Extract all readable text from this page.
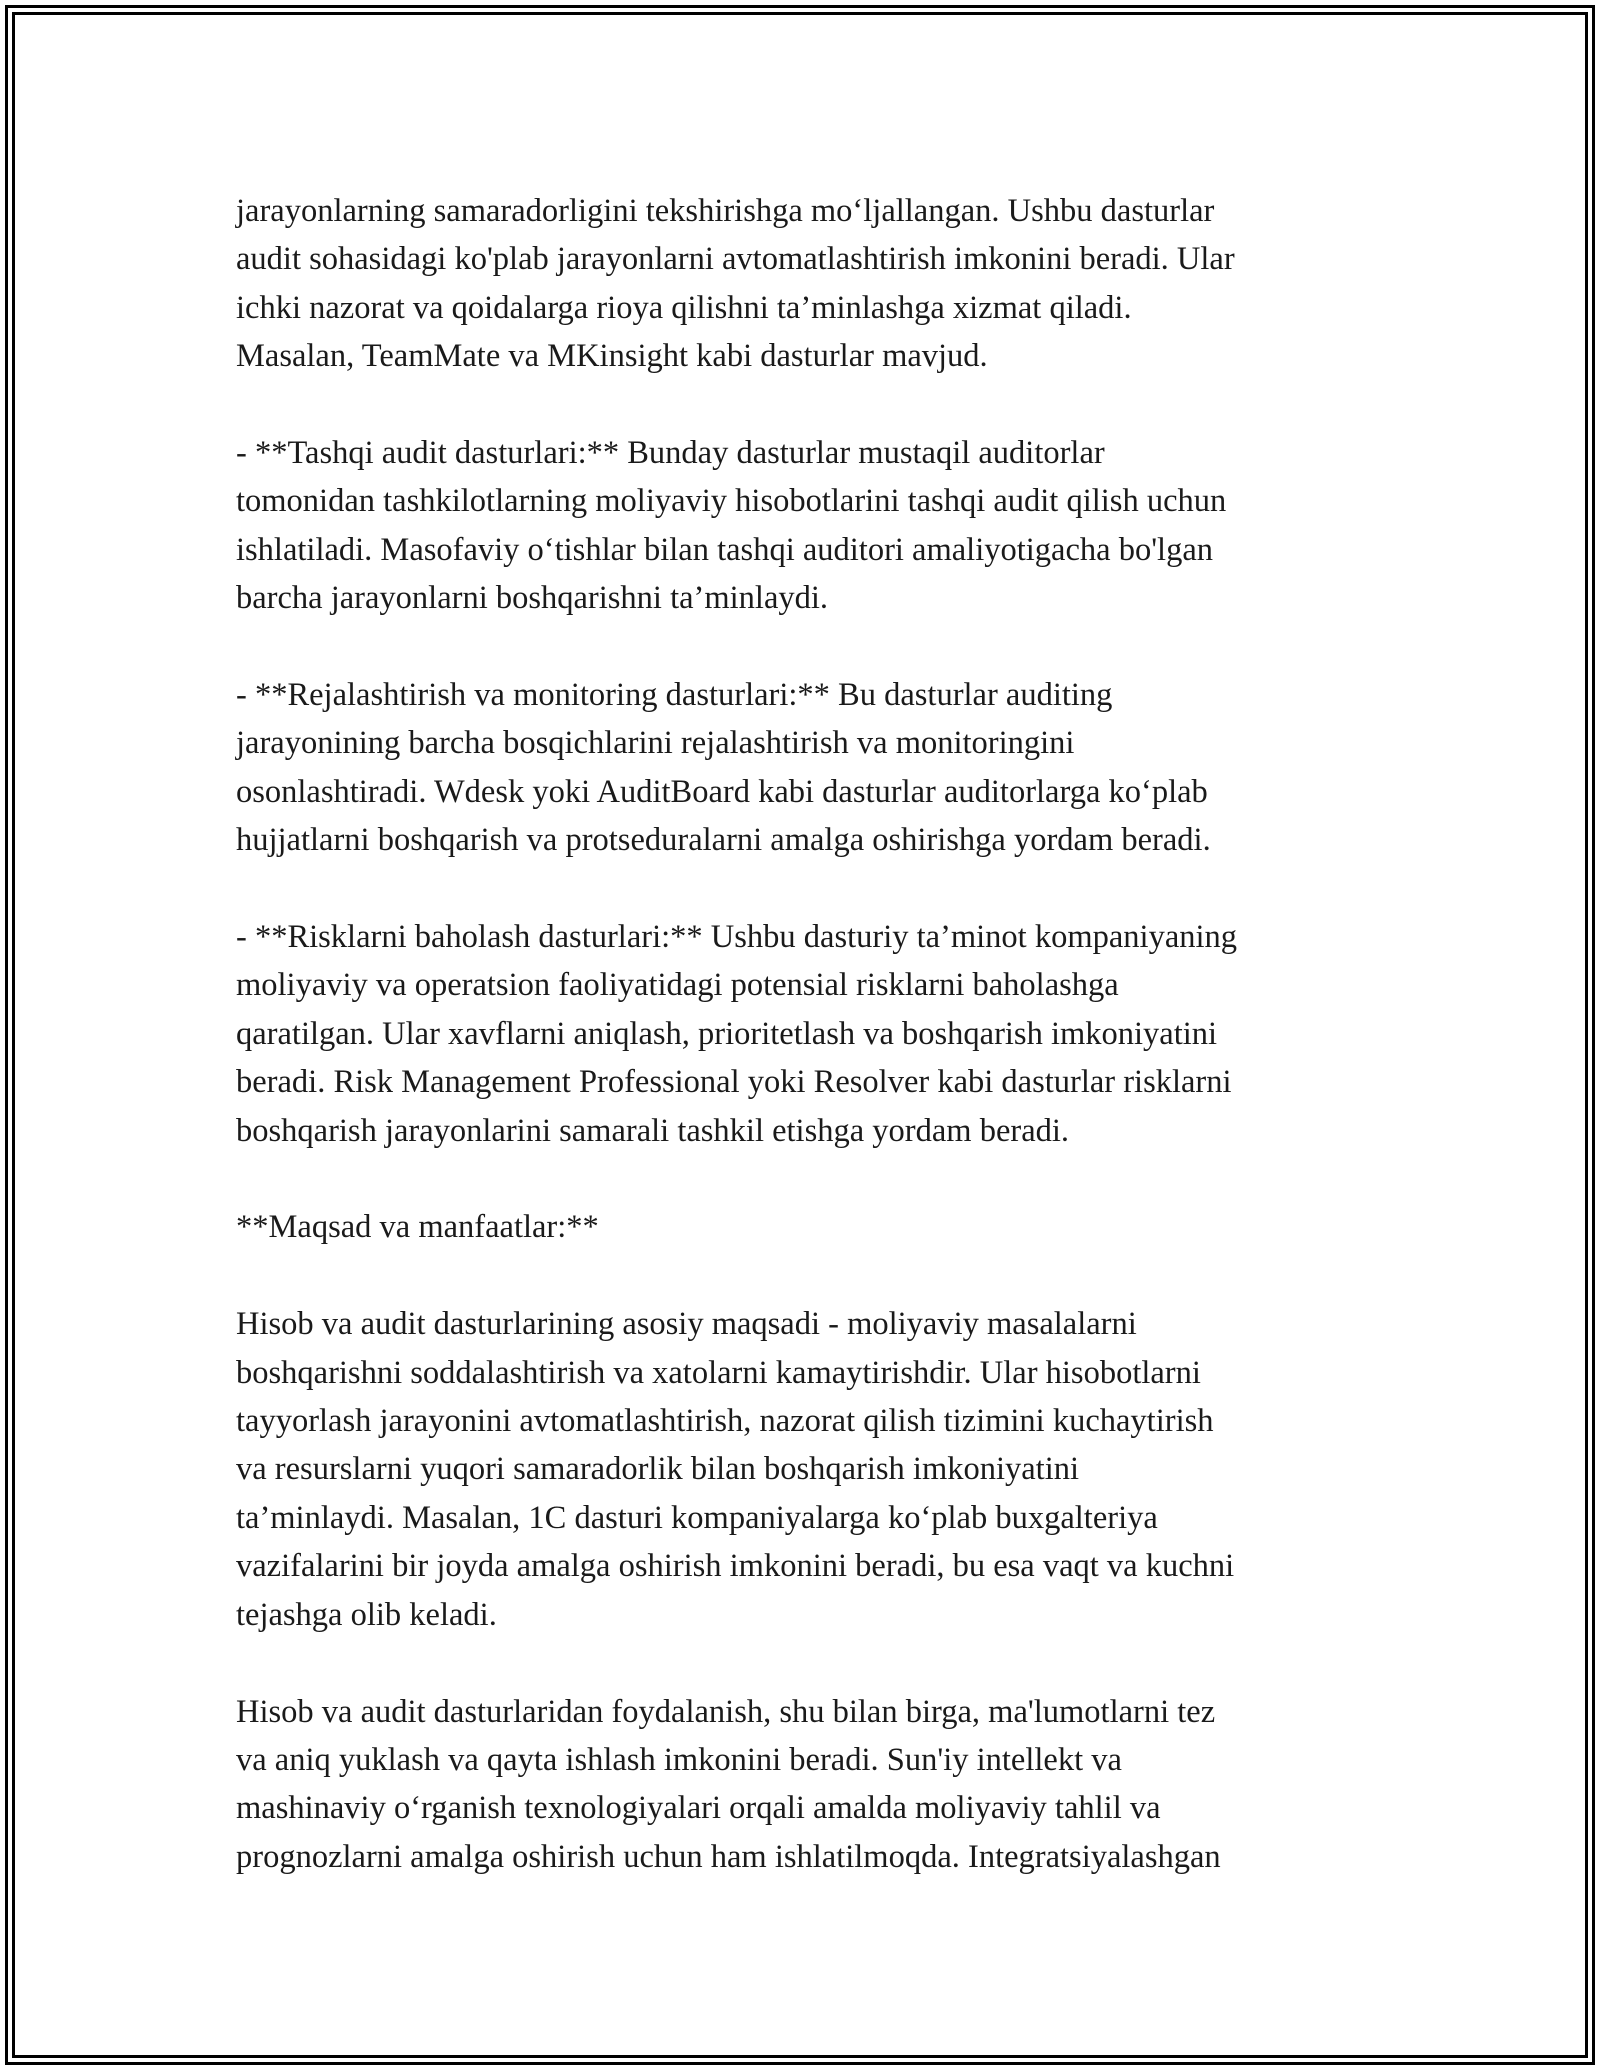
jarayonlarning samaradorligini tekshirishga mo‘ljallangan. Ushbu dasturlar
audit sohasidagi ko'plab jarayonlarni avtomatlashtirish imkonini beradi. Ular
ichki nazorat va qoidalarga rioya qilishni ta’minlashga xizmat qiladi.
Masalan, TeamMate va MKinsight kabi dasturlar mavjud.

- **Tashqi audit dasturlari:** Bunday dasturlar mustaqil auditorlar
tomonidan tashkilotlarning moliyaviy hisobotlarini tashqi audit qilish uchun
ishlatiladi. Masofaviy o‘tishlar bilan tashqi auditori amaliyotigacha bo'lgan
barcha jarayonlarni boshqarishni ta’minlaydi.

- **Rejalashtirish va monitoring dasturlari:** Bu dasturlar auditing
jarayonining barcha bosqichlarini rejalashtirish va monitoringini
osonlashtiradi. Wdesk yoki AuditBoard kabi dasturlar auditorlarga ko‘plab
hujjatlarni boshqarish va protseduralarni amalga oshirishga yordam beradi.

- **Risklarni baholash dasturlari:** Ushbu dasturiy ta’minot kompaniyaning
moliyaviy va operatsion faoliyatidagi potensial risklarni baholashga
qaratilgan. Ular xavflarni aniqlash, prioritetlash va boshqarish imkoniyatini
beradi. Risk Management Professional yoki Resolver kabi dasturlar risklarni
boshqarish jarayonlarini samarali tashkil etishga yordam beradi.

**Maqsad va manfaatlar:**

Hisob va audit dasturlarining asosiy maqsadi - moliyaviy masalalarni
boshqarishni soddalashtirish va xatolarni kamaytirishdir. Ular hisobotlarni
tayyorlash jarayonini avtomatlashtirish, nazorat qilish tizimini kuchaytirish
va resurslarni yuqori samaradorlik bilan boshqarish imkoniyatini
ta’minlaydi. Masalan, 1C dasturi kompaniyalarga ko‘plab buxgalteriya
vazifalarini bir joyda amalga oshirish imkonini beradi, bu esa vaqt va kuchni
tejashga olib keladi.

Hisob va audit dasturlaridan foydalanish, shu bilan birga, ma'lumotlarni tez
va aniq yuklash va qayta ishlash imkonini beradi. Sun'iy intellekt va
mashinaviy o‘rganish texnologiyalari orqali amalda moliyaviy tahlil va
prognozlarni amalga oshirish uchun ham ishlatilmoqda. Integratsiyalashgan
